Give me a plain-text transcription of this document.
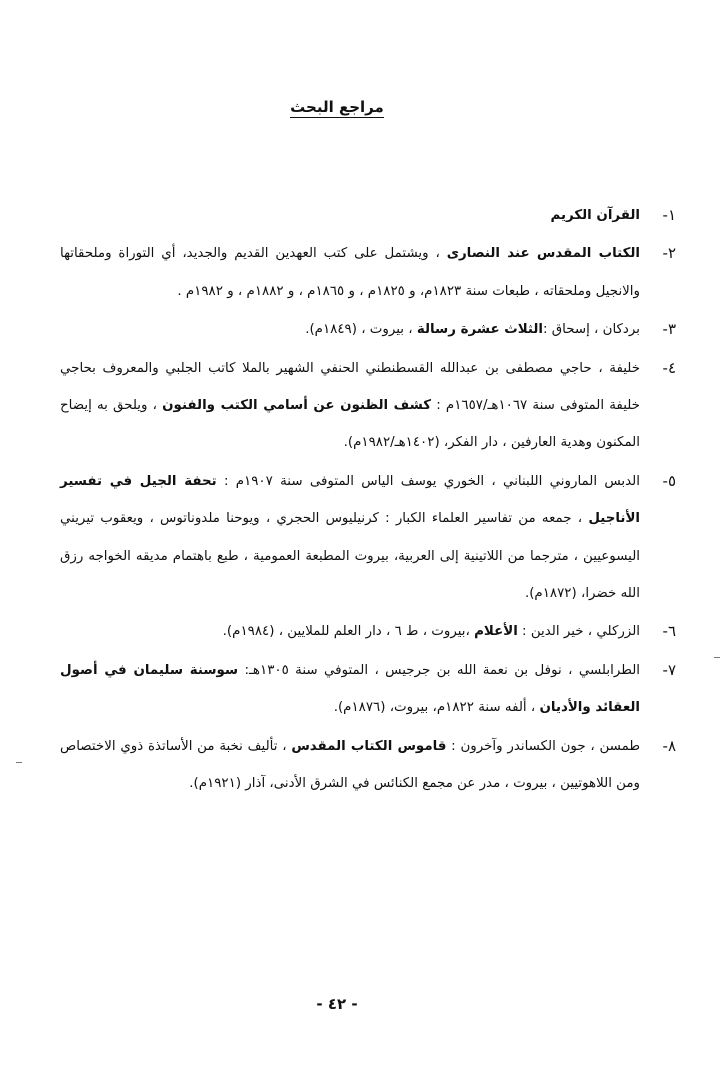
مراجع البحث
١-
القرآن الكريم
٢-
الكتاب المقدس عند النصارى ، ويشتمل على كتب العهدين القديم والجديد، أي التوراة وملحقاتها والانجيل وملحقاته ، طبعات سنة ١٨٢٣م، و ١٨٢٥م ، و ١٨٦٥م ، و ١٨٨٢م ، و ١٩٨٢م .
٣-
بردكان ، إسحاق :الثلاث عشرة رسالة ، بيروت ، (١٨٤٩م).
٤-
خليفة ، حاجي مصطفى بن عبدالله القسطنطني الحنفي الشهير بالملا كاتب الجلبي والمعروف بحاجي خليفة المتوفى سنة ١٠٦٧هـ/١٦٥٧م : كشف الظنون عن أسامي الكتب والفنون ، ويلحق به إيضاح المكنون وهدية العارفين ، دار الفكر، (١٤٠٢هـ/١٩٨٢م).
٥-
الدبس الماروني اللبناني ، الخوري يوسف الياس المتوفى سنة ١٩٠٧م : تحفة الجيل في تفسير الأناجيل ، جمعه من تفاسير العلماء الكبار : كرنيليوس الحجري ، ويوحنا ملدوناتوس ، ويعقوب تيريني اليسوعيين ، مترجما من اللاتينية إلى العربية، بيروت المطبعة العمومية ، طبع باهتمام مديقه الخواجه رزق الله خضرا، (١٨٧٢م).
٦-
الزركلي ، خير الدين : الأعلام ،بيروت ، ط ٦ ، دار العلم للملايين ، (١٩٨٤م).
٧-
الطرابلسي ، نوفل بن نعمة الله بن جرجيس ، المتوفي سنة ١٣٠٥هـ: سوسنة سليمان في أصول العقائد والأديان ، ألفه سنة ١٨٢٢م، بيروت، (١٨٧٦م).
٨-
طمسن ، جون الكساندر وآخرون : قاموس الكتاب المقدس ، تأليف نخبة من الأساتذة ذوي الاختصاص ومن اللاهوتيين ، بيروت ، مدر عن مجمع الكنائس في الشرق الأدنى، آذار (١٩٢١م).
- ٤٢ -
